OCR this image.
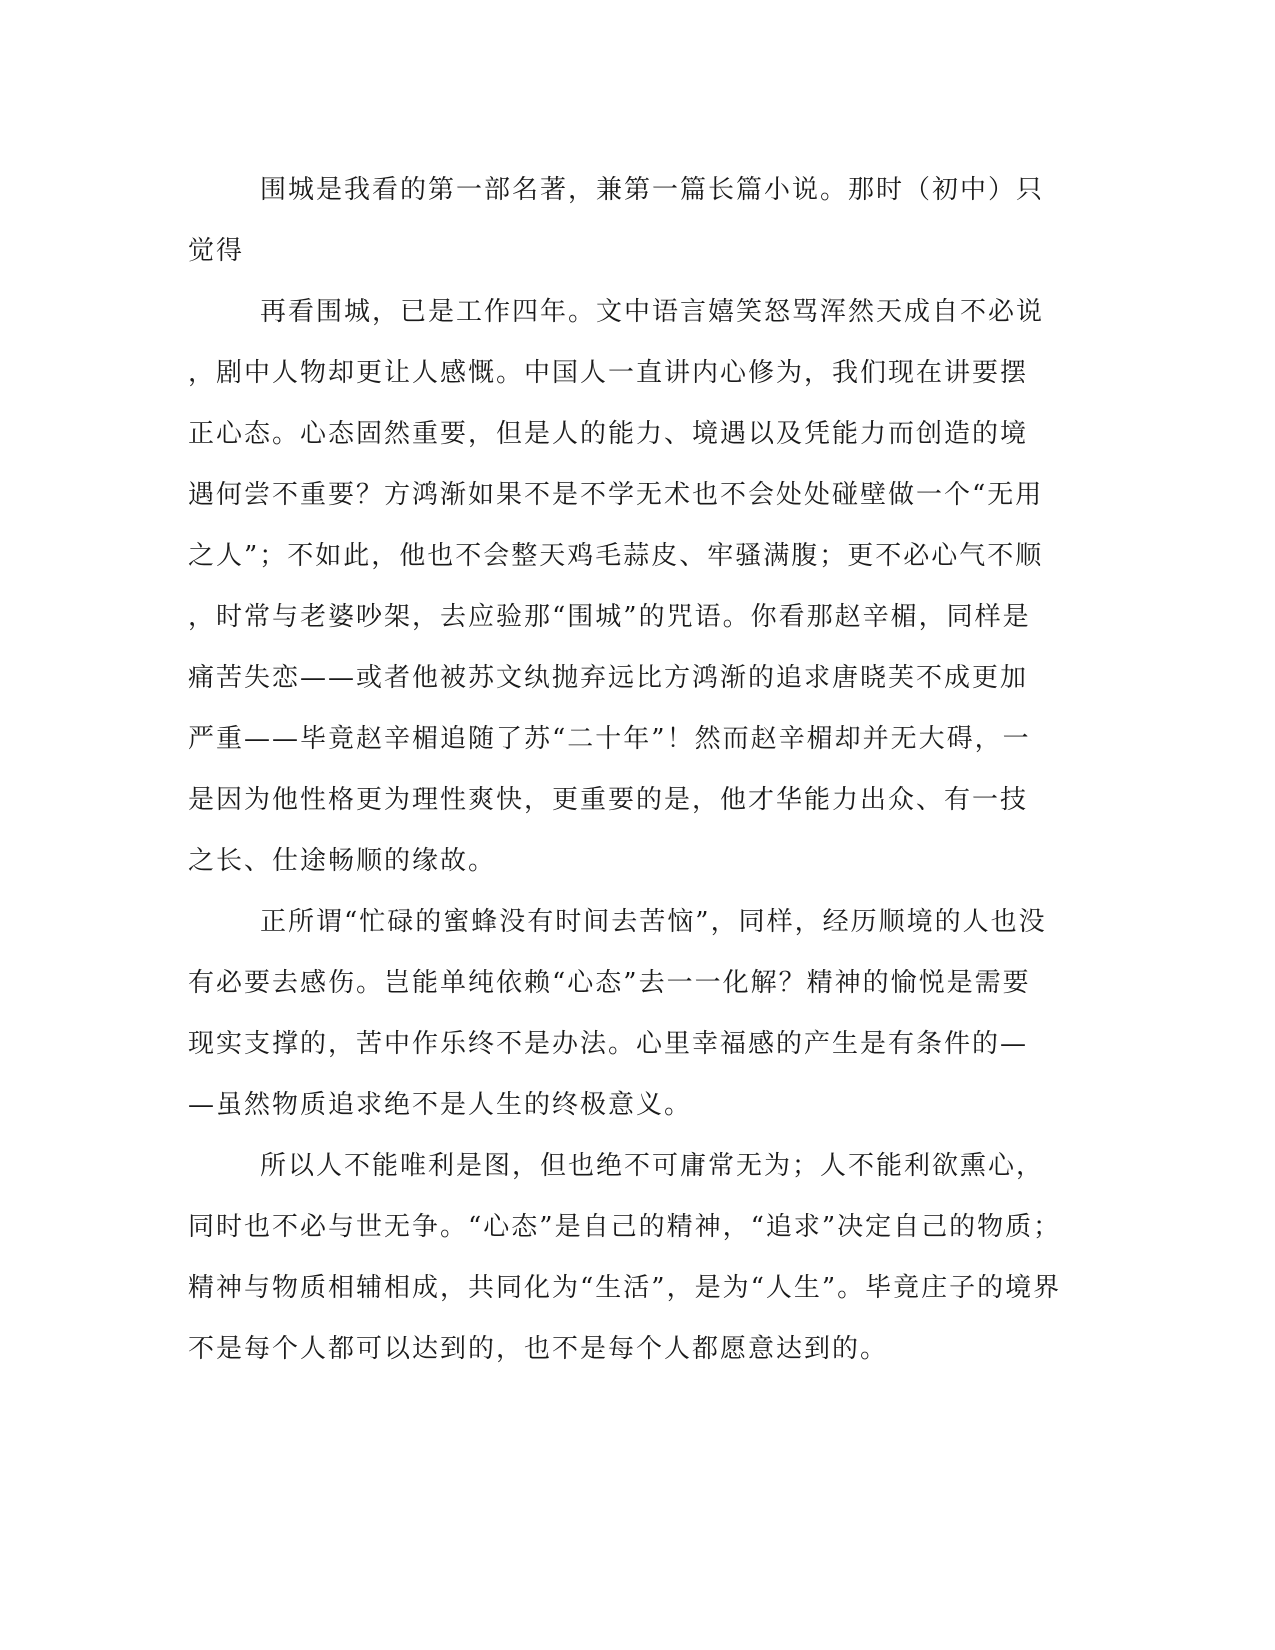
围城是我看的第一部名著，兼第一篇长篇小说。那时（初中）只
觉得
再看围城，已是工作四年。文中语言嬉笑怒骂浑然天成自不必说
，剧中人物却更让人感慨。中国人一直讲内心修为，我们现在讲要摆
正心态。心态固然重要，但是人的能力、境遇以及凭能力而创造的境
遇何尝不重要？方鸿渐如果不是不学无术也不会处处碰壁做一个“无用
之人”；不如此，他也不会整天鸡毛蒜皮、牢骚满腹；更不必心气不顺
，时常与老婆吵架，去应验那“围城”的咒语。你看那赵辛楣，同样是
痛苦失恋——或者他被苏文纨抛弃远比方鸿渐的追求唐晓芙不成更加
严重——毕竟赵辛楣追随了苏“二十年”！然而赵辛楣却并无大碍，一
是因为他性格更为理性爽快，更重要的是，他才华能力出众、有一技
之长、仕途畅顺的缘故。
正所谓“忙碌的蜜蜂没有时间去苦恼”，同样，经历顺境的人也没
有必要去感伤。岂能单纯依赖“心态”去一一化解？精神的愉悦是需要
现实支撑的，苦中作乐终不是办法。心里幸福感的产生是有条件的—
—虽然物质追求绝不是人生的终极意义。
所以人不能唯利是图，但也绝不可庸常无为；人不能利欲熏心，
同时也不必与世无争。“心态”是自己的精神，“追求”决定自己的物质；
精神与物质相辅相成，共同化为“生活”，是为“人生”。毕竟庄子的境界
不是每个人都可以达到的，也不是每个人都愿意达到的。
